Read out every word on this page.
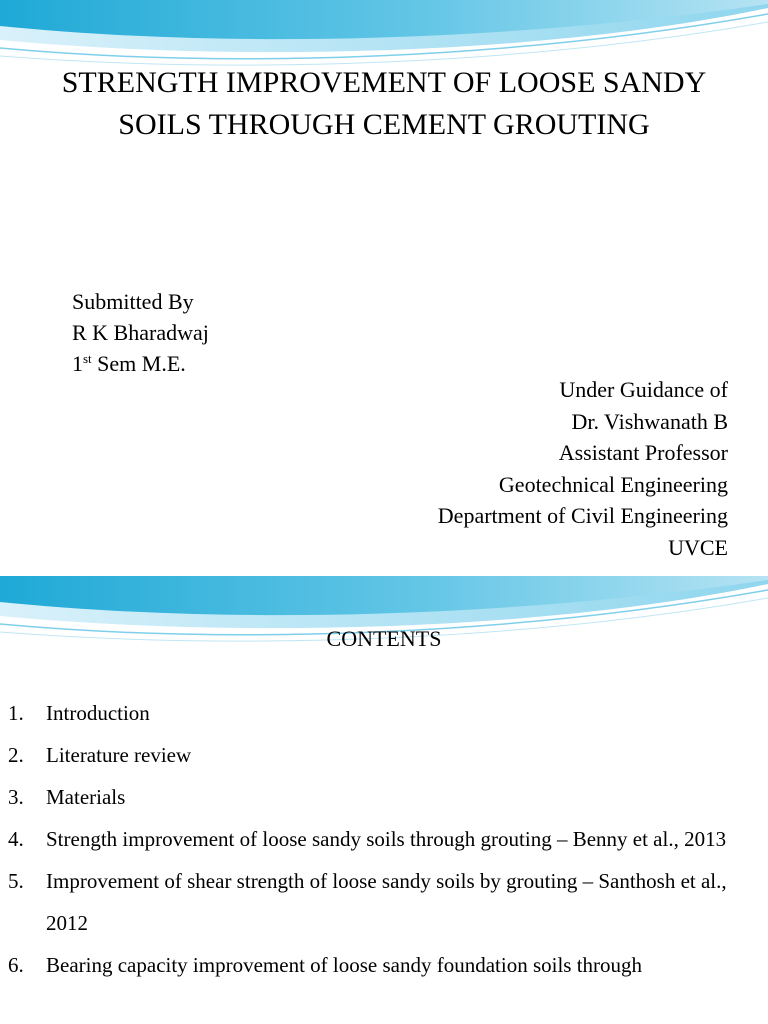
STRENGTH IMPROVEMENT OF LOOSE SANDY SOILS THROUGH CEMENT GROUTING
Submitted By
R K Bharadwaj
1st Sem M.E.
Under Guidance of
Dr. Vishwanath B
Assistant Professor
Geotechnical Engineering
Department of Civil Engineering
UVCE
CONTENTS
1. Introduction
2. Literature review
3. Materials
4. Strength improvement of loose sandy soils through grouting – Benny et al., 2013
5. Improvement of shear strength of loose sandy soils by grouting – Santhosh et al., 2012
6. Bearing capacity improvement of loose sandy foundation soils through
